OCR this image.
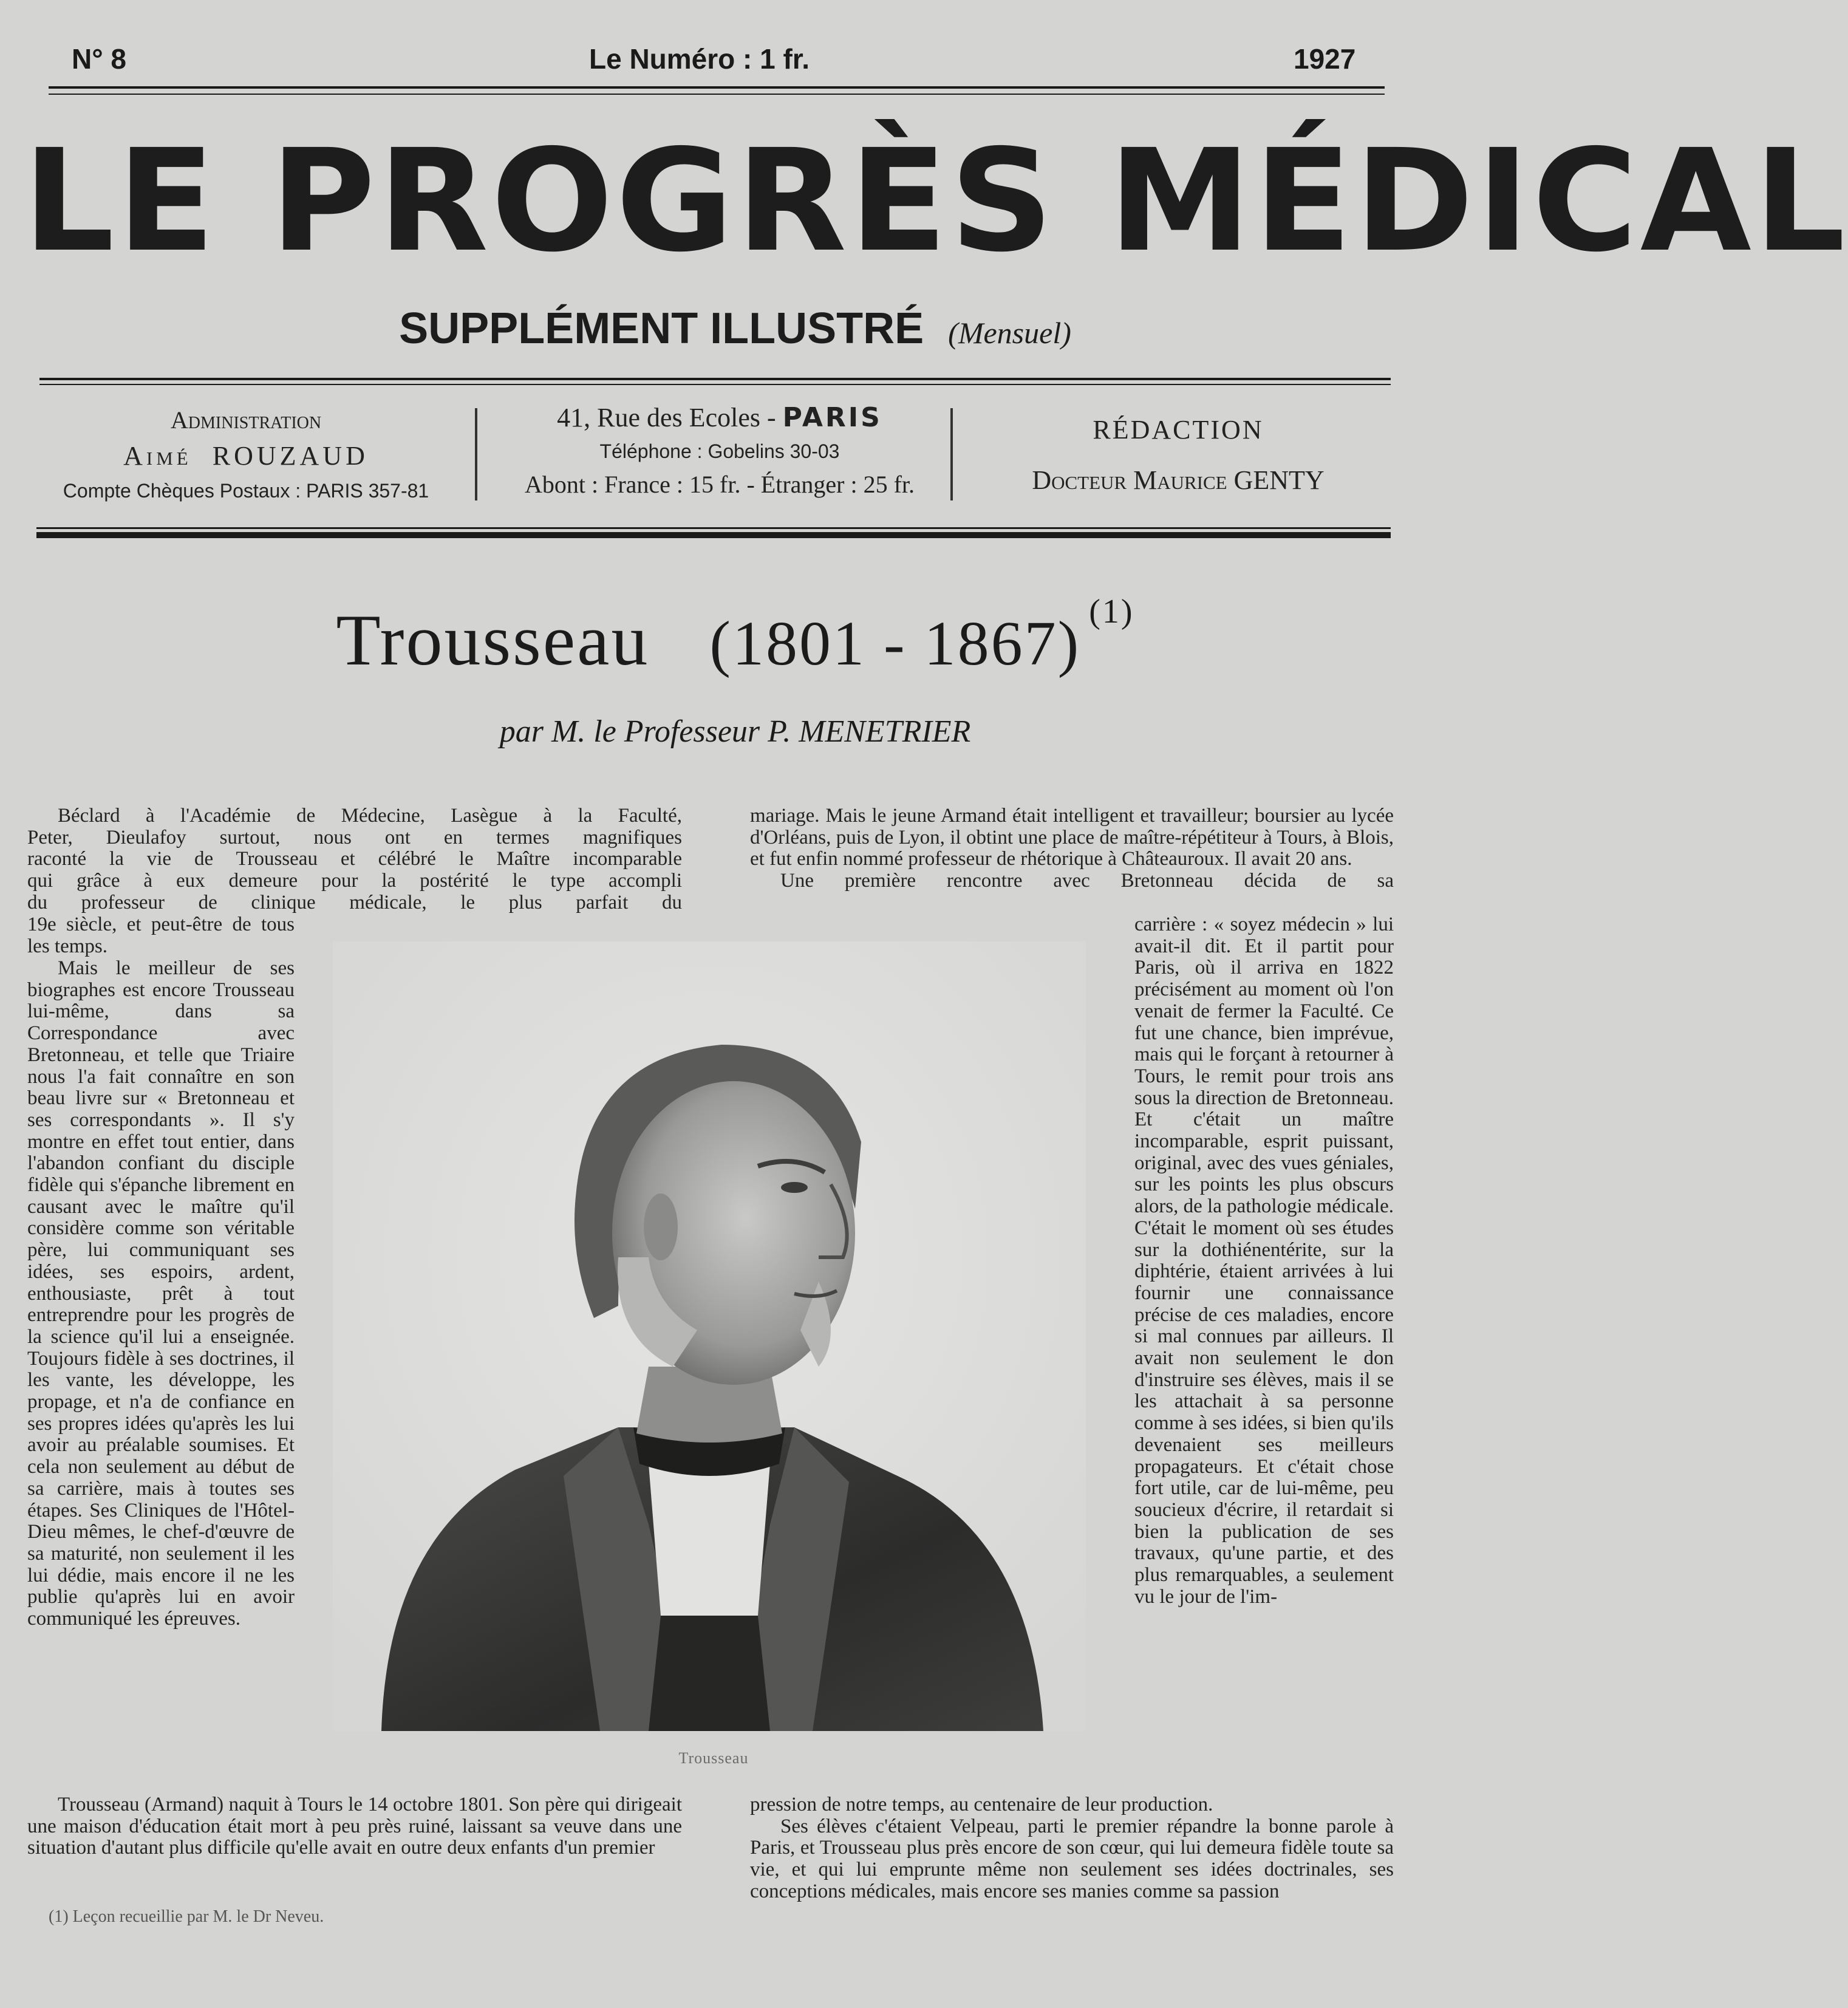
N° 8	Le Numéro : 1 fr.	1927
LE PROGRÈS MÉDICAL
SUPPLÉMENT ILLUSTRÉ (Mensuel)
Administration
Aimé ROUZAUD
Compte Chèques Postaux : PARIS 357-81
41, Rue des Ecoles - PARIS
Téléphone : Gobelins 30-03
Abont : France : 15 fr. - Étranger : 25 fr.
RÉDACTION
Docteur Maurice GENTY
Trousseau (1801 - 1867) $^{(1)}$
par M. le Professeur P. MENETRIER

Béclard à l'Académie de Médecine, Lasègue à la Faculté,

Peter, Dieulafoy surtout, nous ont en termes magnifiques

raconté la vie de Trousseau et célébré le Maître incomparable

qui grâce à eux demeure pour la postérité le type accompli

du professeur de clinique médicale, le plus parfait du

19e siècle, et peut-être de tous les temps.

Mais le meilleur de ses biographes est encore Trousseau lui-même, dans sa Correspondance avec Bretonneau, et telle que Triaire nous l'a fait connaître en son beau livre sur « Bretonneau et ses correspondants ». Il s'y montre en effet tout entier, dans l'abandon confiant du disciple fidèle qui s'épanche librement en causant avec le maître qu'il considère comme son véritable père, lui communiquant ses idées, ses espoirs, ardent, enthousiaste, prêt à tout entreprendre pour les progrès de la science qu'il lui a enseignée. Toujours fidèle à ses doctrines, il les vante, les développe, les propage, et n'a de confiance en ses propres idées qu'après les lui avoir au préalable soumises. Et cela non seulement au début de sa carrière, mais à toutes ses étapes. Ses Cliniques de l'Hôtel-Dieu mêmes, le chef-d'œuvre de sa maturité, non seulement il les lui dédie, mais encore il ne les publie qu'après lui en avoir communiqué les épreuves.

Trousseau (Armand) naquit à Tours le 14 octobre 1801. Son père qui dirigeait une maison d'éducation était mort à peu près ruiné, laissant sa veuve dans une situation d'autant plus difficile qu'elle avait en outre deux enfants d'un premier

Trousseau

mariage. Mais le jeune Armand était intelligent et travailleur; boursier au lycée d'Orléans, puis de Lyon, il obtint une place de maître-répétiteur à Tours, à Blois, et fut enfin nommé professeur de rhétorique à Châteauroux. Il avait 20 ans.

Une première rencontre avec Bretonneau décida de sa

carrière : « soyez médecin » lui avait-il dit. Et il partit pour Paris, où il arriva en 1822 précisément au moment où l'on venait de fermer la Faculté. Ce fut une chance, bien imprévue, mais qui le forçant à retourner à Tours, le remit pour trois ans sous la direction de Bretonneau. Et c'était un maître incomparable, esprit puissant, original, avec des vues géniales, sur les points les plus obscurs alors, de la pathologie médicale. C'était le moment où ses études sur la dothiénentérite, sur la diphtérie, étaient arrivées à lui fournir une connaissance précise de ces maladies, encore si mal connues par ailleurs. Il avait non seulement le don d'instruire ses élèves, mais il se les attachait à sa personne comme à ses idées, si bien qu'ils devenaient ses meilleurs propagateurs. Et c'était chose fort utile, car de lui-même, peu soucieux d'écrire, il retardait si bien la publication de ses travaux, qu'une partie, et des plus remarquables, a seulement vu le jour de l'im-

pression de notre temps, au centenaire de leur production.

Ses élèves c'étaient Velpeau, parti le premier répandre la bonne parole à Paris, et Trousseau plus près encore de son cœur, qui lui demeura fidèle toute sa vie, et qui lui emprunte même non seulement ses idées doctrinales, ses conceptions médicales, mais encore ses manies comme sa passion

(1) Leçon recueillie par M. le Dr Neveu.
